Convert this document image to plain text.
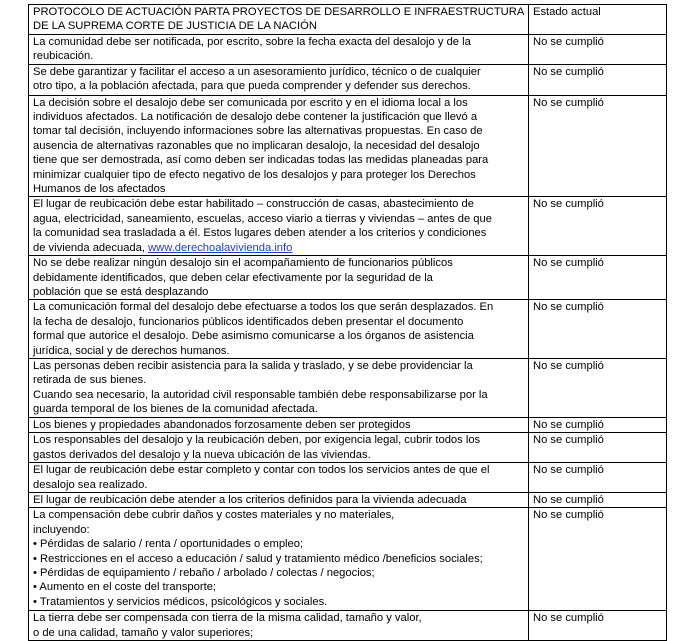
PROTOCOLO DE ACTUACIÓN PARTA PROYECTOS DE DESARROLLO E INFRAESTRUCTURA
DE LA SUPREMA CORTE DE JUSTICIA DE LA NACIÓN	Estado actual

La comunidad debe ser notificada, por escrito, sobre la fecha exacta del desalojo y de la
reubicación.	No se cumplió

Se debe garantizar y facilitar el acceso a un asesoramiento jurídico, técnico o de cualquier
otro tipo, a la población afectada, para que pueda comprender y defender sus derechos.	No se cumplió

La decisión sobre el desalojo debe ser comunicada por escrito y en el idioma local a los
individuos afectados. La notificación de desalojo debe contener la justificación que llevó a
tomar tal decisión, incluyendo informaciones sobre las alternativas propuestas. En caso de
ausencia de alternativas razonables que no implicaran desalojo, la necesidad del desalojo
tiene que ser demostrada, así como deben ser indicadas todas las medidas planeadas para
minimizar cualquier tipo de efecto negativo de los desalojos y para proteger los Derechos
Humanos de los afectados
	No se cumplió

El lugar de reubicación debe estar habilitado – construcción de casas, abastecimiento de
agua, electricidad, saneamiento, escuelas, acceso viario a tierras y viviendas – antes de que
la comunidad sea trasladada a él. Estos lugares deben atender a los criterios y condiciones
de vivienda adecuada, www.derechoalavivienda.info	No se cumplió

No se debe realizar ningún desalojo sin el acompañamiento de funcionarios públicos
debidamente identificados, que deben celar efectivamente por la seguridad de la
población que se está desplazando	No se cumplió

La comunicación formal del desalojo debe efectuarse a todos los que serán desplazados. En
la fecha de desalojo, funcionarios públicos identificados deben presentar el documento
formal que autorice el desalojo. Debe asimismo comunicarse a los órganos de asistencia
jurídica, social y de derechos humanos.	No se cumplió

Las personas deben recibir asistencia para la salida y traslado, y se debe providenciar la
retirada de sus bienes.
Cuando sea necesario, la autoridad civil responsable también debe responsabilizarse por la
guarda temporal de los bienes de la comunidad afectada.	No se cumplió

Los bienes y propiedades abandonados forzosamente deben ser protegidos	No se cumplió

Los responsables del desalojo y la reubicación deben, por exigencia legal, cubrir todos los
gastos derivados del desalojo y la nueva ubicación de las viviendas.	No se cumplió

El lugar de reubicación debe estar completo y contar con todos los servicios antes de que el
desalojo sea realizado.	No se cumplió

El lugar de reubicación debe atender a los criterios definidos para la vivienda adecuada	No se cumplió

La compensación debe cubrir daños y costes materiales y no materiales,
incluyendo:
• Pérdidas de salario / renta / oportunidades o empleo;
• Restricciones en el acceso a educación / salud y tratamiento médico /beneficios sociales;
• Pérdidas de equipamiento / rebaño / arbolado / colectas / negocios;
• Aumento en el coste del transporte;
• Tratamientos y servicios médicos, psicológicos y sociales.
	No se cumplió

La tierra debe ser compensada con tierra de la misma calidad, tamaño y valor,
o de una calidad, tamaño y valor superiores;	No se cumplió
